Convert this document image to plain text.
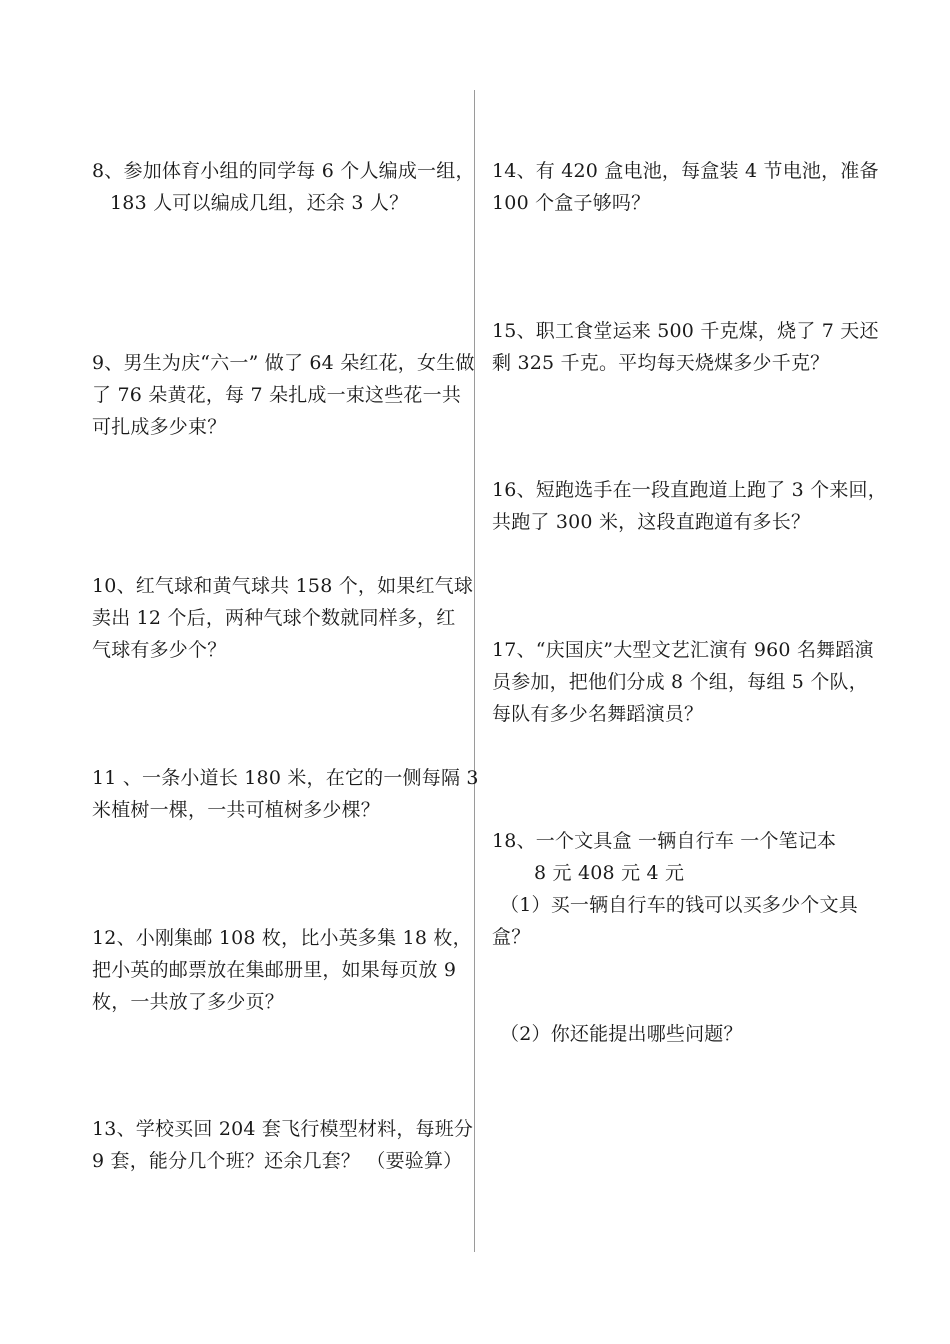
8、参加体育小组的同学每 6 个人编成一组，
183 人可以编成几组，还余 3 人？
9、男生为庆“六一” 做了 64 朵红花，女生做
了 76 朵黄花，每 7 朵扎成一束这些花一共
可扎成多少束？
10、红气球和黄气球共 158 个，如果红气球
卖出 12 个后，两种气球个数就同样多，红
气球有多少个？
11 、一条小道长 180 米，在它的一侧每隔 3
米植树一棵，一共可植树多少棵？
12、小刚集邮 108 枚，比小英多集 18 枚，
把小英的邮票放在集邮册里，如果每页放 9
枚，一共放了多少页？
13、学校买回 204 套飞行模型材料，每班分
9 套，能分几个班？还余几套？ （要验算）
14、有 420 盒电池，每盒装 4 节电池，准备
100 个盒子够吗？
15、职工食堂运来 500 千克煤，烧了 7 天还
剩 325 千克。平均每天烧煤多少千克？
16、短跑选手在一段直跑道上跑了 3 个来回，
共跑了 300 米，这段直跑道有多长？
17、“庆国庆”大型文艺汇演有 960 名舞蹈演
员参加，把他们分成 8 个组，每组 5 个队，
每队有多少名舞蹈演员？
18、一个文具盒 一辆自行车 一个笔记本
8 元 408 元 4 元
（1）买一辆自行车的钱可以买多少个文具
盒？
（2）你还能提出哪些问题？
